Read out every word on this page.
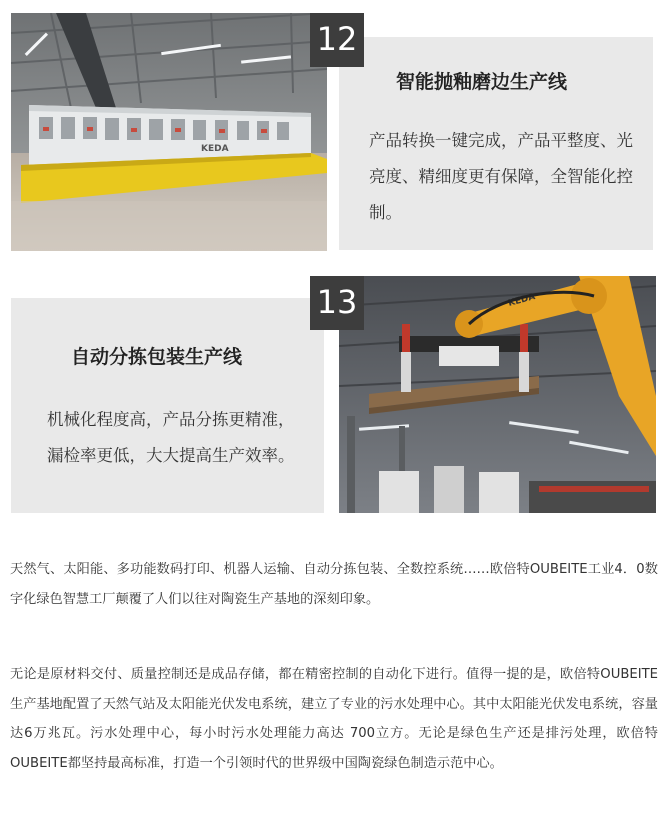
KEDA
智能抛釉磨边生产线
产品转换一键完成，产品平整度、光亮度、精细度更有保障，全智能化控制。
12
自动分拣包装生产线
机械化程度高，产品分拣更精准，漏检率更低，大大提高生产效率。
KEDA
13
天然气、太阳能、多功能数码打印、机器人运输、自动分拣包装、全数控系统……欧倍特OUBEITE工业4．0数字化绿色智慧工厂颠覆了人们以往对陶瓷生产基地的深刻印象。
无论是原材料交付、质量控制还是成品存储，都在精密控制的自动化下进行。值得一提的是，欧倍特OUBEITE生产基地配置了天然气站及太阳能光伏发电系统，建立了专业的污水处理中心。其中太阳能光伏发电系统，容量达6万兆瓦。污水处理中心，每小时污水处理能力高达 700立方。无论是绿色生产还是排污处理，欧倍特OUBEITE都坚持最高标准，打造一个引领时代的世界级中国陶瓷绿色制造示范中心。
